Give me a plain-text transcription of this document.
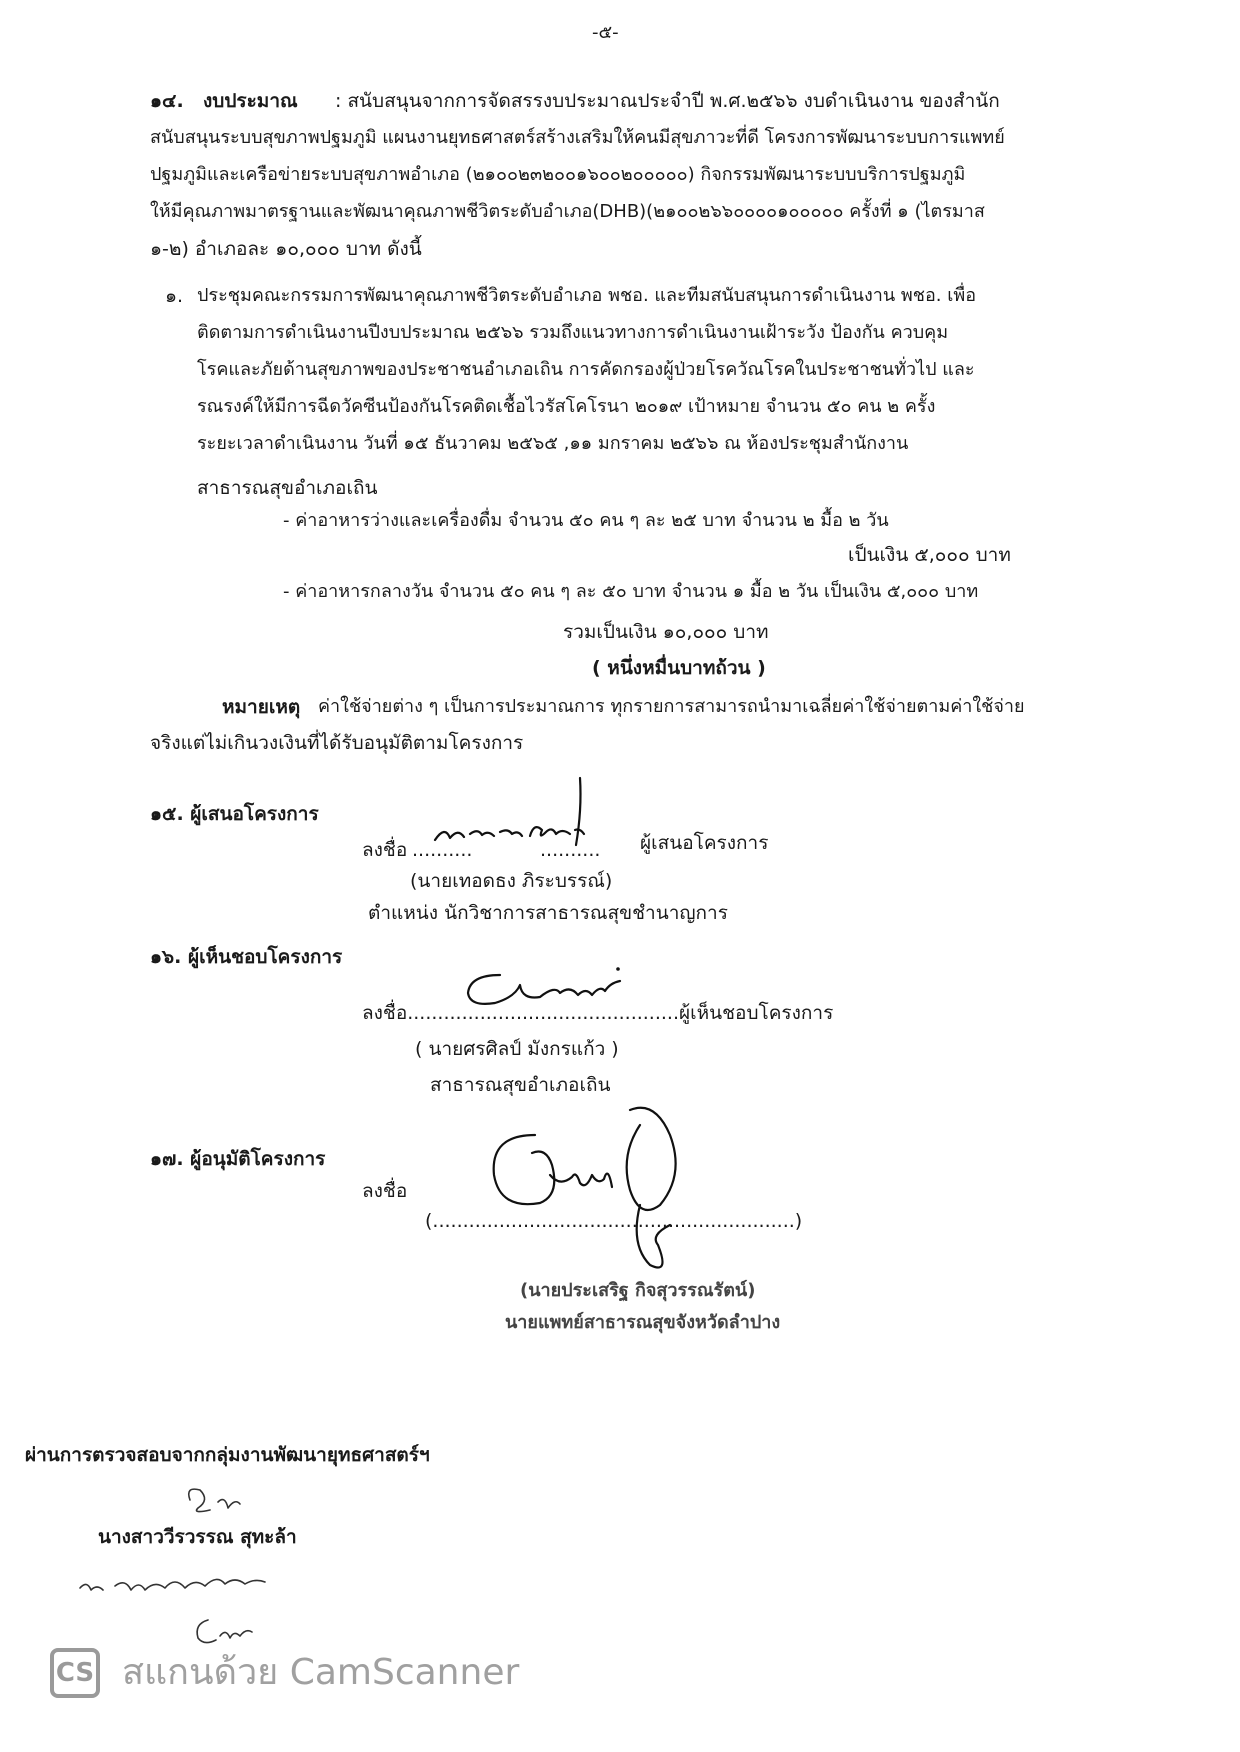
-๕-
๑๔. งบประมาณ : สนับสนุนจากการจัดสรรงบประมาณประจำปี พ.ศ.๒๕๖๖ งบดำเนินงาน ของสำนัก
สนับสนุนระบบสุขภาพปฐมภูมิ แผนงานยุทธศาสตร์สร้างเสริมให้คนมีสุขภาวะที่ดี โครงการพัฒนาระบบการแพทย์
ปฐมภูมิและเครือข่ายระบบสุขภาพอำเภอ (๒๑๐๐๒๓๒๐๐๑๖๐๐๒๐๐๐๐๐) กิจกรรมพัฒนาระบบบริการปฐมภูมิ
ให้มีคุณภาพมาตรฐานและพัฒนาคุณภาพชีวิตระดับอำเภอ(DHB)(๒๑๐๐๒๖๖๐๐๐๐๑๐๐๐๐๐ ครั้งที่ ๑ (ไตรมาส
๑-๒) อำเภอละ ๑๐,๐๐๐ บาท ดังนี้
๑. ประชุมคณะกรรมการพัฒนาคุณภาพชีวิตระดับอำเภอ พชอ. และทีมสนับสนุนการดำเนินงาน พชอ. เพื่อ
ติดตามการดำเนินงานปีงบประมาณ ๒๕๖๖ รวมถึงแนวทางการดำเนินงานเฝ้าระวัง ป้องกัน ควบคุม
โรคและภัยด้านสุขภาพของประชาชนอำเภอเถิน การคัดกรองผู้ป่วยโรควัณโรคในประชาชนทั่วไป และ
รณรงค์ให้มีการฉีดวัคซีนป้องกันโรคติดเชื้อไวรัสโคโรนา ๒๐๑๙ เป้าหมาย จำนวน ๕๐ คน ๒ ครั้ง
ระยะเวลาดำเนินงาน วันที่ ๑๕ ธันวาคม ๒๕๖๕ ,๑๑ มกราคม ๒๕๖๖ ณ ห้องประชุมสำนักงาน
สาธารณสุขอำเภอเถิน
- ค่าอาหารว่างและเครื่องดื่ม จำนวน ๕๐ คน ๆ ละ ๒๕ บาท จำนวน ๒ มื้อ ๒ วัน
เป็นเงิน ๕,๐๐๐ บาท
- ค่าอาหารกลางวัน จำนวน ๕๐ คน ๆ ละ ๕๐ บาท จำนวน ๑ มื้อ ๒ วัน เป็นเงิน ๕,๐๐๐ บาท
รวมเป็นเงิน ๑๐,๐๐๐ บาท
( หนึ่งหมื่นบาทถ้วน )
หมายเหตุ ค่าใช้จ่ายต่าง ๆ เป็นการประมาณการ ทุกรายการสามารถนำมาเฉลี่ยค่าใช้จ่ายตามค่าใช้จ่าย
จริงแต่ไม่เกินวงเงินที่ได้รับอนุมัติตามโครงการ
๑๕. ผู้เสนอโครงการ
ลงชื่อ ..........	.......... ผู้เสนอโครงการ
(นายเทอดธง ภิระบรรณ์)
ตำแหน่ง นักวิชาการสาธารณสุขชำนาญการ
๑๖. ผู้เห็นชอบโครงการ
ลงชื่อ.............................................ผู้เห็นชอบโครงการ
( นายศรศิลป์ มังกรแก้ว )
สาธารณสุขอำเภอเถิน
๑๗. ผู้อนุมัติโครงการ
ลงชื่อ
(............................................................)
(นายประเสริฐ กิจสุวรรณรัตน์)
นายแพทย์สาธารณสุขจังหวัดลำปาง
ผ่านการตรวจสอบจากกลุ่มงานพัฒนายุทธศาสตร์ฯ
นางสาววีรวรรณ สุทะล้า
CS สแกนด้วย CamScanner
